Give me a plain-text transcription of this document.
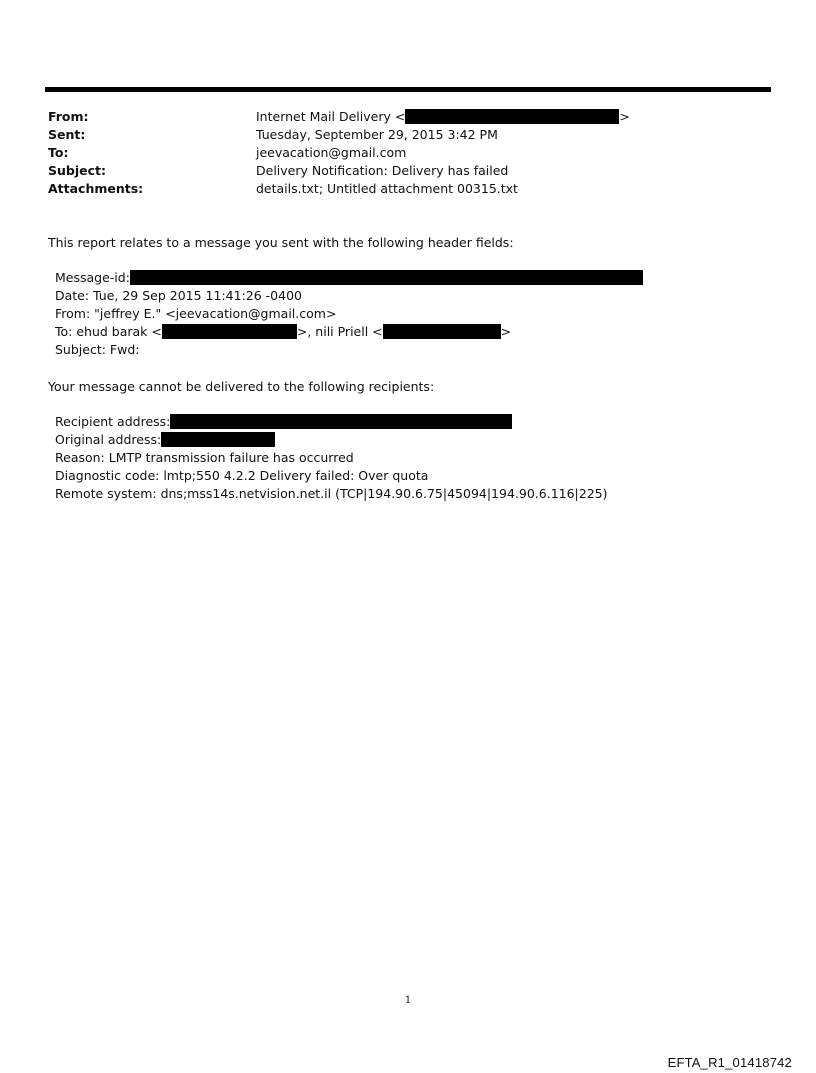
From:	Internet Mail Delivery <	>
Sent:	Tuesday, September 29, 2015 3:42 PM
To:	jeevacation@gmail.com
Subject:	Delivery Notification: Delivery has failed
Attachments:	details.txt; Untitled attachment 00315.txt
This report relates to a message you sent with the following header fields:
Message-id:
Date: Tue, 29 Sep 2015 11:41:26 -0400
From: "jeffrey E." <jeevacation@gmail.com>
To: ehud barak <	>, nili Priell <	>
Subject: Fwd:
Your message cannot be delivered to the following recipients:
Recipient address:
Original address:
Reason: LMTP transmission failure has occurred
Diagnostic code: lmtp;550 4.2.2 Delivery failed: Over quota
Remote system: dns;mss14s.netvision.net.il (TCP|194.90.6.75|45094|194.90.6.116|225)
1
EFTA_R1_01418742
